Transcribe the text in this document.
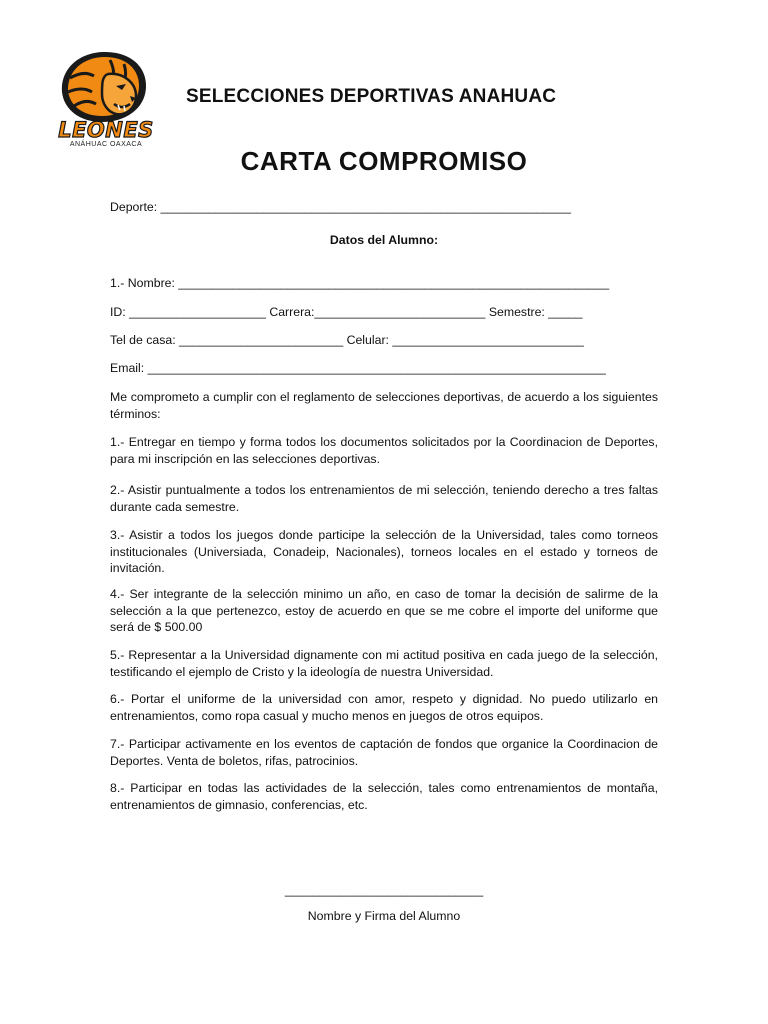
LEONES
ANÁHUAC OAXACA
SELECCIONES DEPORTIVAS ANAHUAC
CARTA COMPROMISO
Deporte: ____________________________________________________________
Datos del Alumno:
1.- Nombre: _______________________________________________________________
ID: ____________________ Carrera:_________________________ Semestre: _____
Tel de casa: ________________________ Celular: ____________________________
Email: ___________________________________________________________________
Me comprometo a cumplir con el reglamento de selecciones deportivas, de acuerdo a los siguientes términos:
1.- Entregar en tiempo y forma todos los documentos solicitados por la Coordinacion de Deportes, para mi inscripción en las selecciones deportivas.
2.- Asistir puntualmente a todos los entrenamientos de mi selección, teniendo derecho a tres faltas durante cada semestre.
3.- Asistir a todos los juegos donde participe la selección de la Universidad, tales como torneos institucionales (Universiada, Conadeip, Nacionales), torneos locales en el estado y torneos de invitación.
4.- Ser integrante de la selección minimo un año, en caso de tomar la decisión de salirme de la selección a la que pertenezco, estoy de acuerdo en que se me cobre el importe del uniforme que será de $ 500.00
5.- Representar a la Universidad dignamente con mi actitud positiva en cada juego de la selección, testificando el ejemplo de Cristo y la ideología de nuestra Universidad.
6.- Portar el uniforme de la universidad con amor, respeto y dignidad. No puedo utilizarlo en entrenamientos, como ropa casual y mucho menos en juegos de otros equipos.
7.- Participar activamente en los eventos de captación de fondos que organice la Coordinacion de Deportes. Venta de boletos, rifas, patrocinios.
8.- Participar en todas las actividades de la selección, tales como entrenamientos de montaña, entrenamientos de gimnasio, conferencias, etc.
_____________________________
Nombre y Firma del Alumno
